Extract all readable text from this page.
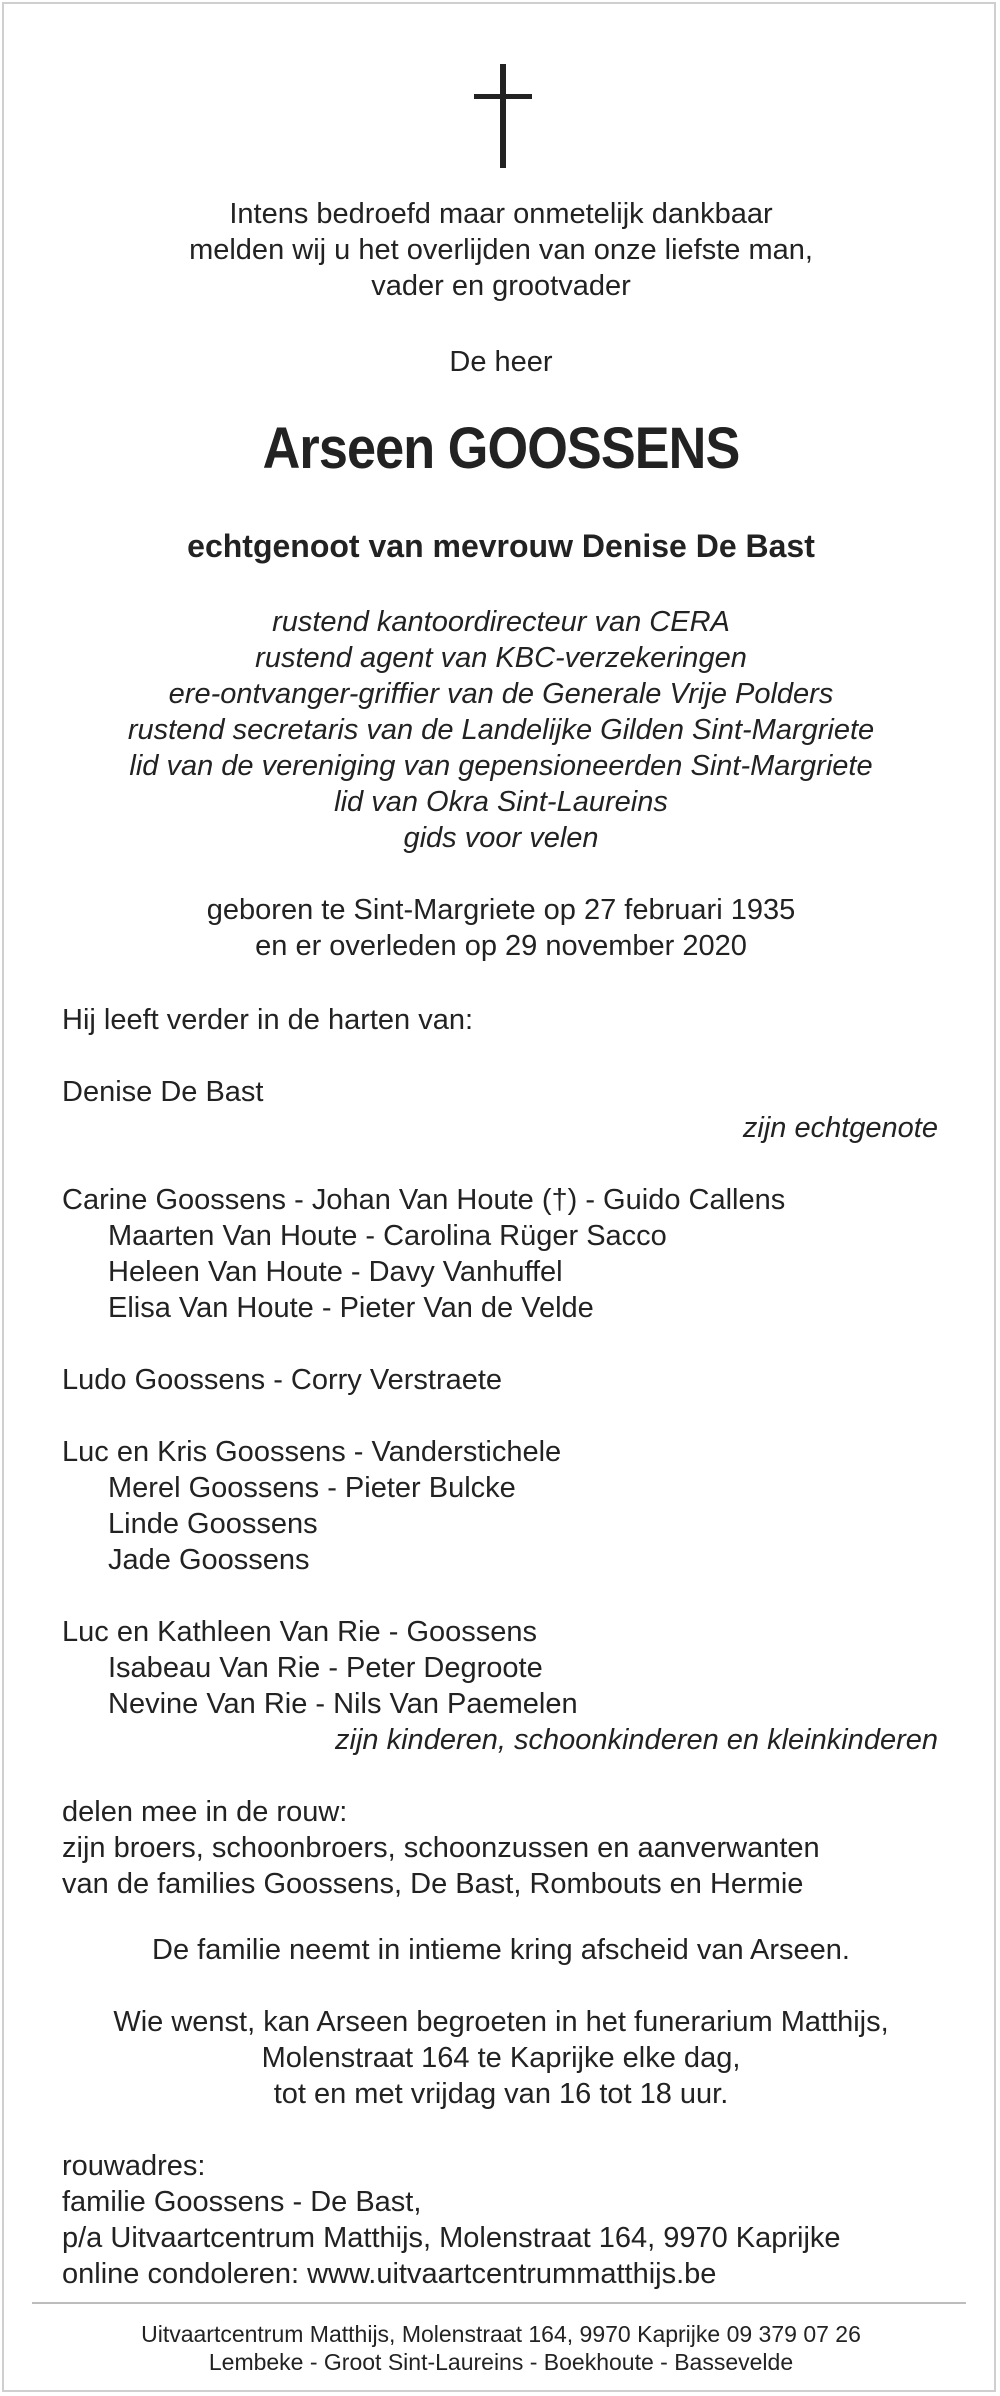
Intens bedroefd maar onmetelijk dankbaar
melden wij u het overlijden van onze liefste man,
vader en grootvader
De heer
Arseen GOOSSENS
echtgenoot van mevrouw Denise De Bast
rustend kantoordirecteur van CERA
rustend agent van KBC-verzekeringen
ere-ontvanger-griffier van de Generale Vrije Polders
rustend secretaris van de Landelijke Gilden Sint-Margriete
lid van de vereniging van gepensioneerden Sint-Margriete
lid van Okra Sint-Laureins
gids voor velen
geboren te Sint-Margriete op 27 februari 1935
en er overleden op 29 november 2020
Hij leeft verder in de harten van:
Denise De Bast
zijn echtgenote
Carine Goossens - Johan Van Houte (†) - Guido Callens
Maarten Van Houte - Carolina Rüger Sacco
Heleen Van Houte - Davy Vanhuffel
Elisa Van Houte - Pieter Van de Velde
Ludo Goossens - Corry Verstraete
Luc en Kris Goossens - Vanderstichele
Merel Goossens - Pieter Bulcke
Linde Goossens
Jade Goossens
Luc en Kathleen Van Rie - Goossens
Isabeau Van Rie - Peter Degroote
Nevine Van Rie - Nils Van Paemelen
zijn kinderen, schoonkinderen en kleinkinderen
delen mee in de rouw:
zijn broers, schoonbroers, schoonzussen en aanverwanten
van de families Goossens, De Bast, Rombouts en Hermie
De familie neemt in intieme kring afscheid van Arseen.
Wie wenst, kan Arseen begroeten in het funerarium Matthijs,
Molenstraat 164 te Kaprijke elke dag,
tot en met vrijdag van 16 tot 18 uur.
rouwadres:
familie Goossens - De Bast,
p/a Uitvaartcentrum Matthijs, Molenstraat 164, 9970 Kaprijke
online condoleren: www.uitvaartcentrummatthijs.be
Uitvaartcentrum Matthijs, Molenstraat 164, 9970 Kaprijke 09 379 07 26
Lembeke - Groot Sint-Laureins - Boekhoute - Bassevelde
